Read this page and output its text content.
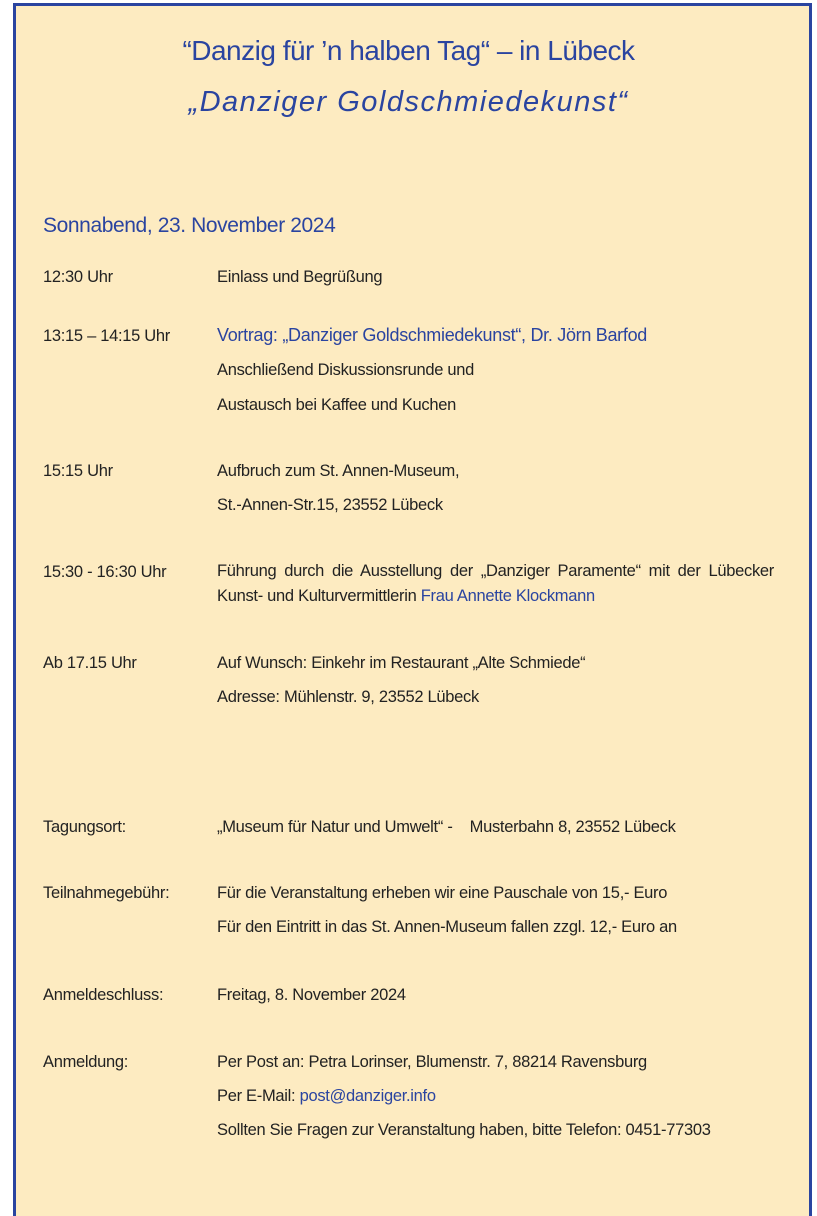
“Danzig für ’n halben Tag“ – in Lübeck
„Danziger Goldschmiedekunst“
Sonnabend, 23. November 2024
12:30 Uhr	Einlass und Begrüßung
13:15 – 14:15 Uhr	Vortrag: „Danziger Goldschmiedekunst“, Dr. Jörn Barfod
Anschließend Diskussionsrunde und
Austausch bei Kaffee und Kuchen
15:15 Uhr	Aufbruch zum St. Annen-Museum,
St.-Annen-Str.15, 23552 Lübeck
15:30 - 16:30 Uhr	Führung durch die Ausstellung der „Danziger Paramente“ mit der Lübecker Kunst- und Kulturvermittlerin Frau Annette Klockmann
Ab 17.15 Uhr	Auf Wunsch: Einkehr im Restaurant „Alte Schmiede“
Adresse: Mühlenstr. 9, 23552 Lübeck
Tagungsort:	„Museum für Natur und Umwelt“ -    Musterbahn 8, 23552 Lübeck
Teilnahmegebühr:	Für die Veranstaltung erheben wir eine Pauschale von 15,- Euro
Für den Eintritt in das St. Annen-Museum fallen zzgl. 12,- Euro an
Anmeldeschluss:	Freitag, 8. November 2024
Anmeldung:	Per Post an: Petra Lorinser, Blumenstr. 7, 88214 Ravensburg
Per E-Mail: post@danziger.info
Sollten Sie Fragen zur Veranstaltung haben, bitte Telefon: 0451-77303
